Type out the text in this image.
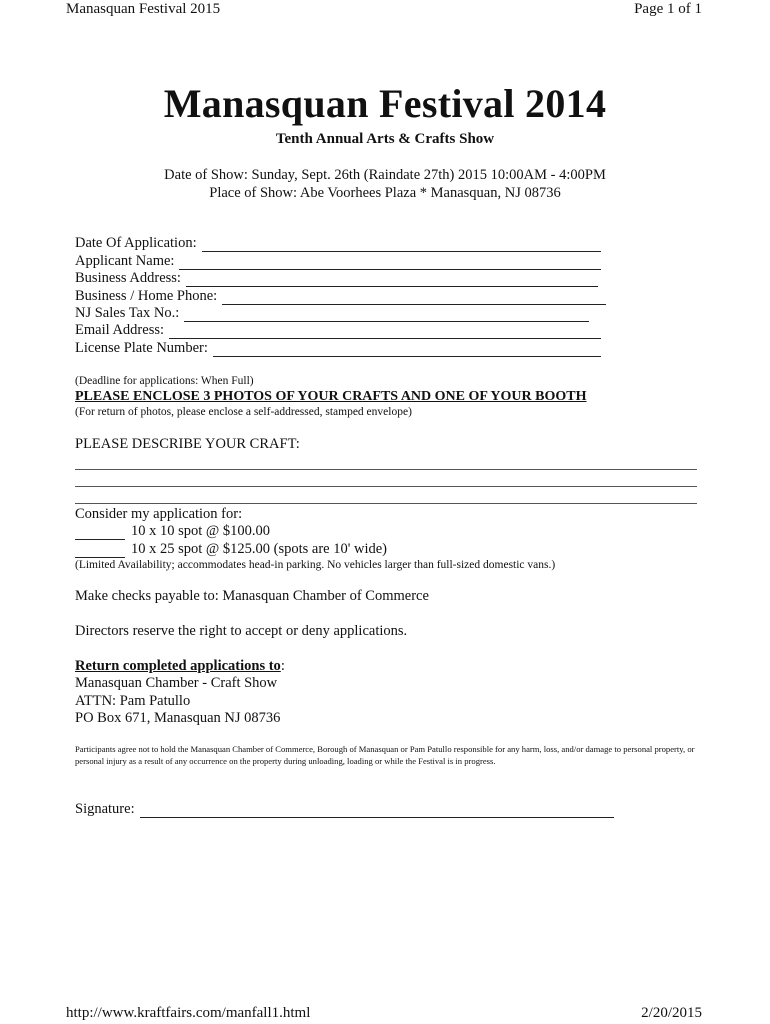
Manasquan Festival 2015	Page 1 of 1
Manasquan Festival 2014
Tenth Annual Arts & Crafts Show
Date of Show: Sunday, Sept. 26th (Raindate 27th) 2015 10:00AM - 4:00PM
Place of Show: Abe Voorhees Plaza * Manasquan, NJ 08736
Date Of Application:
Applicant Name:
Business Address:
Business / Home Phone:
NJ Sales Tax No.:
Email Address:
License Plate Number:
(Deadline for applications: When Full)
PLEASE ENCLOSE 3 PHOTOS OF YOUR CRAFTS AND ONE OF YOUR BOOTH
(For return of photos, please enclose a self-addressed, stamped envelope)
PLEASE DESCRIBE YOUR CRAFT:
Consider my application for:
10 x 10 spot @ $100.00
10 x 25 spot @ $125.00 (spots are 10' wide)
(Limited Availability; accommodates head-in parking. No vehicles larger than full-sized domestic vans.)
Make checks payable to: Manasquan Chamber of Commerce
Directors reserve the right to accept or deny applications.
Return completed applications to:
Manasquan Chamber - Craft Show
ATTN: Pam Patullo
PO Box 671, Manasquan NJ 08736
Participants agree not to hold the Manasquan Chamber of Commerce, Borough of Manasquan or Pam Patullo responsible for any harm, loss, and/or damage to personal property, or personal injury as a result of any occurrence on the property during unloading, loading or while the Festival is in progress.
Signature:
http://www.kraftfairs.com/manfall1.html	2/20/2015
